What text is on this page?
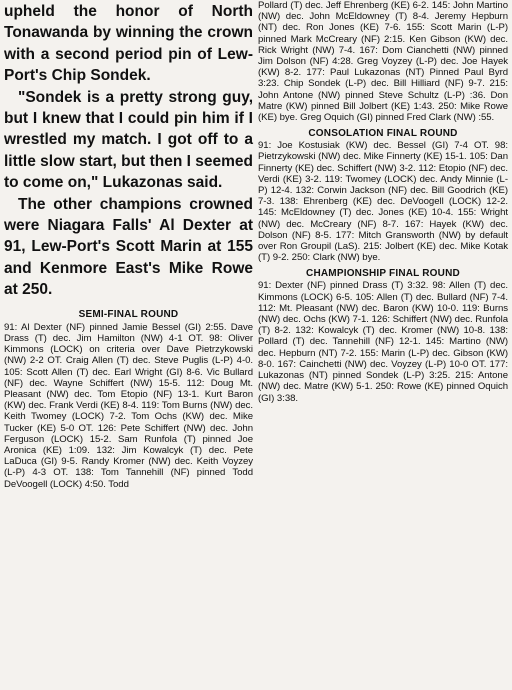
upheld the honor of North Tonawanda by winning the crown with a second period pin of Lew-Port's Chip Sondek.

"Sondek is a pretty strong guy, but I knew that I could pin him if I wrestled my match. I got off to a little slow start, but then I seemed to come on," Lukazonas said.

The other champions crowned were Niagara Falls' Al Dexter at 91, Lew-Port's Scott Marin at 155 and Kenmore East's Mike Rowe at 250.

SEMI-FINAL ROUND

91: Al Dexter (NF) pinned Jamie Bessel (GI) 2:55. Dave Drass (T) dec. Jim Hamilton (NW) 4-1 OT. 98: Oliver Kimmons (LOCK) on criteria over Dave Pietrzykowski (NW) 2-2 OT. Craig Allen (T) dec. Steve Puglis (L-P) 4-0. 105: Scott Allen (T) dec. Earl Wright (GI) 8-6. Vic Bullard (NF) dec. Wayne Schiffert (NW) 15-5. 112: Doug Mt. Pleasant (NW) dec. Tom Etopio (NF) 13-1. Kurt Baron (KW) dec. Frank Verdi (KE) 8-4. 119: Tom Burns (NW) dec. Keith Twomey (LOCK) 7-2. Tom Ochs (KW) dec. Mike Tucker (KE) 5-0 OT. 126: Pete Schiffert (NW) dec. John Ferguson (LOCK) 15-2. Sam Runfola (T) pinned Joe Aronica (KE) 1:09. 132: Jim Kowalcyk (T) dec. Pete LaDuca (GI) 9-5. Randy Kromer (NW) dec. Keith Voyzey (L-P) 4-3 OT. 138: Tom Tannehill (NF) pinned Todd DeVoogell (LOCK) 4:50. Todd

Pollard (T) dec. Jeff Ehrenberg (KE) 6-2. 145: John Martino (NW) dec. John McEldowney (T) 8-4. Jeremy Hepburn (NT) dec. Ron Jones (KE) 7-6. 155: Scott Marin (L-P) pinned Mark McCreary (NF) 2:15. Ken Gibson (KW) dec. Rick Wright (NW) 7-4. 167: Dom Cianchetti (NW) pinned Jim Dolson (NF) 4:28. Greg Voyzey (L-P) dec. Joe Hayek (KW) 8-2. 177: Paul Lukazonas (NT) Pinned Paul Byrd 3:23. Chip Sondek (L-P) dec. Bill Hilliard (NF) 9-7. 215: John Antone (NW) pinned Steve Schultz (L-P) :36. Don Matre (KW) pinned Bill Jolbert (KE) 1:43. 250: Mike Rowe (KE) bye. Greg Oquich (GI) pinned Fred Clark (NW) :55.

CONSOLATION FINAL ROUND

91: Joe Kostusiak (KW) dec. Bessel (GI) 7-4 OT. 98: Pietrzykowski (NW) dec. Mike Finnerty (KE) 15-1. 105: Dan Finnerty (KE) dec. Schiffert (NW) 3-2. 112: Etopio (NF) dec. Verdi (KE) 3-2. 119: Twomey (LOCK) dec. Andy Minnie (L-P) 12-4. 132: Corwin Jackson (NF) dec. Bill Goodrich (KE) 7-3. 138: Ehrenberg (KE) dec. DeVoogell (LOCK) 12-2. 145: McEldowney (T) dec. Jones (KE) 10-4. 155: Wright (NW) dec. McCreary (NF) 8-7. 167: Hayek (KW) dec. Dolson (NF) 8-5. 177: Mitch Gransworth (NW) by default over Ron Groupil (LaS). 215: Jolbert (KE) dec. Mike Kotak (T) 9-2. 250: Clark (NW) bye.

CHAMPIONSHIP FINAL ROUND

91: Dexter (NF) pinned Drass (T) 3:32. 98: Allen (T) dec. Kimmons (LOCK) 6-5. 105: Allen (T) dec. Bullard (NF) 7-4. 112: Mt. Pleasant (NW) dec. Baron (KW) 10-0. 119: Burns (NW) dec. Ochs (KW) 7-1. 126: Schiffert (NW) dec. Runfola (T) 8-2. 132: Kowalcyk (T) dec. Kromer (NW) 10-8. 138: Pollard (T) dec. Tannehill (NF) 12-1. 145: Martino (NW) dec. Hepburn (NT) 7-2. 155: Marin (L-P) dec. Gibson (KW) 8-0. 167: Cainchetti (NW) dec. Voyzey (L-P) 10-0 OT. 177: Lukazonas (NT) pinned Sondek (L-P) 3:25. 215: Antone (NW) dec. Matre (KW) 5-1. 250: Rowe (KE) pinned Oquich (GI) 3:38.
